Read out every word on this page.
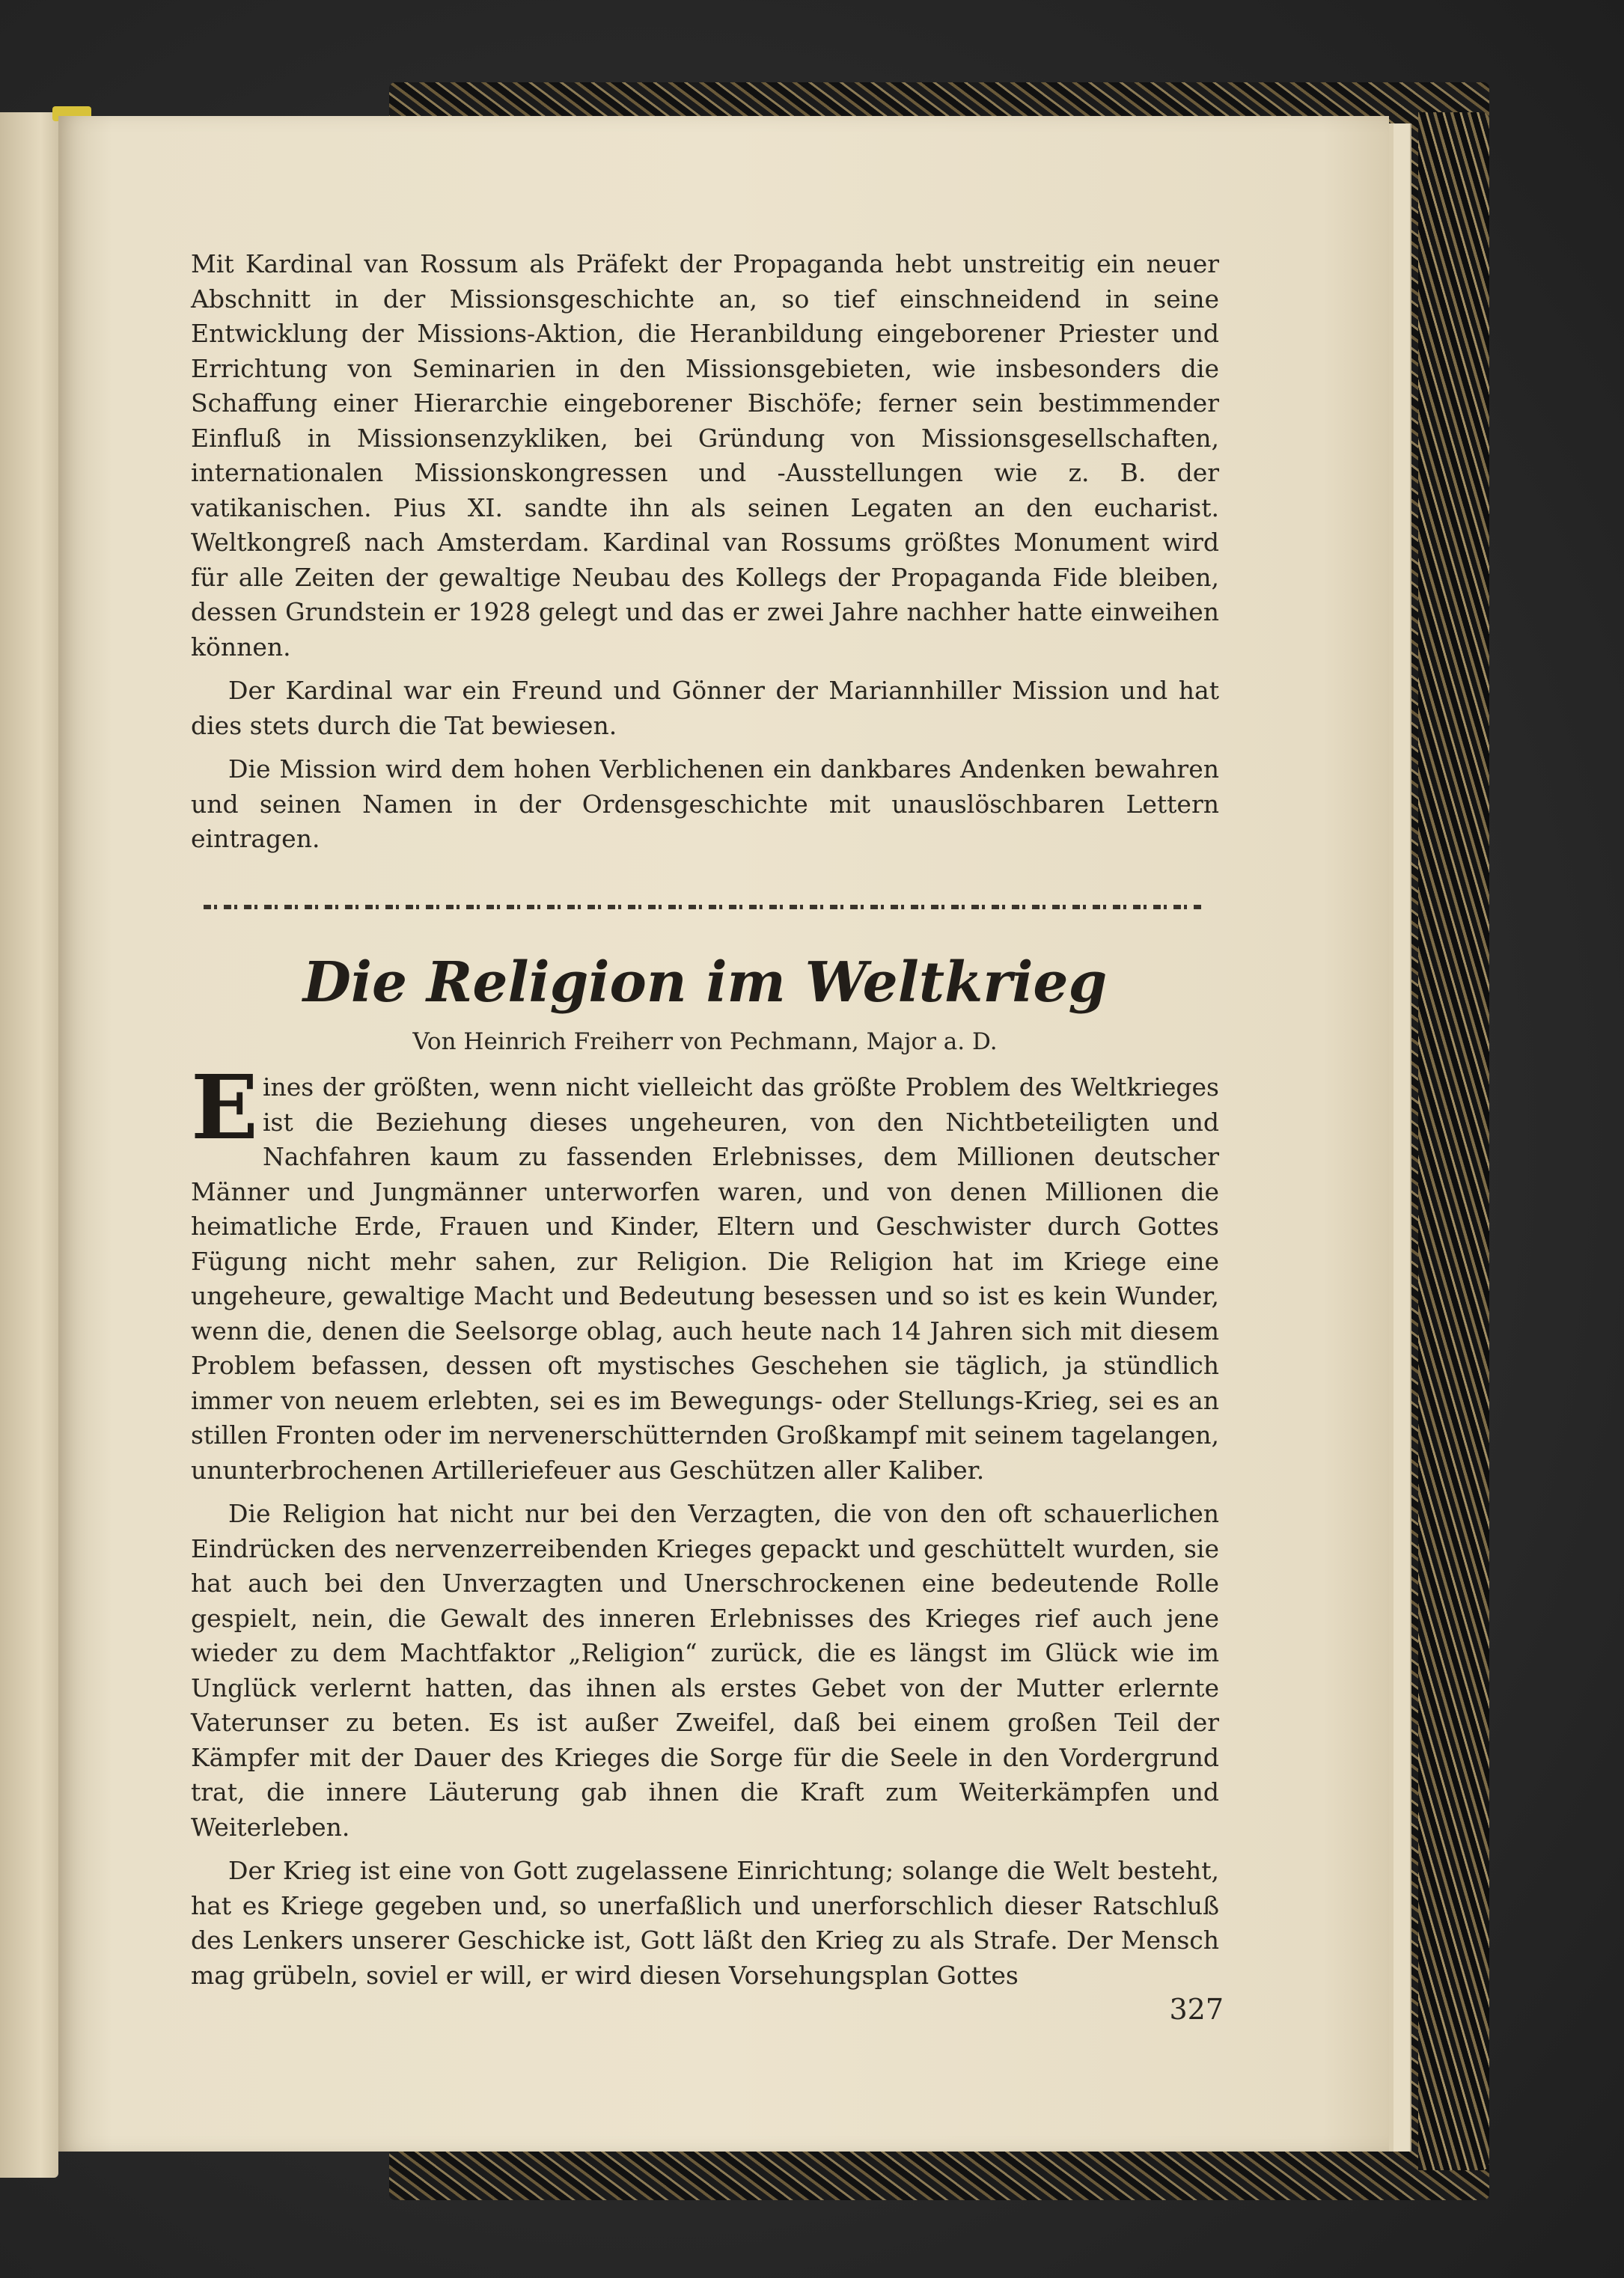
Mit Kardinal van Rossum als Präfekt der Propaganda hebt unstreitig ein neuer Abschnitt in der Missionsgeschichte an, so tief einschneidend in seine Entwicklung der Missions-Aktion, die Heranbildung eingeborener Priester und Errichtung von Seminarien in den Missionsgebieten, wie insbesonders die Schaffung einer Hierarchie eingeborener Bischöfe; ferner sein bestimmender Einfluß in Missionsenzykliken, bei Gründung von Missionsgesellschaften, internationalen Missionskongressen und -Ausstellungen wie z. B. der vatikanischen. Pius XI. sandte ihn als seinen Legaten an den eucharist. Weltkongreß nach Amsterdam. Kardinal van Rossums größtes Monument wird für alle Zeiten der gewaltige Neubau des Kollegs der Propaganda Fide bleiben, dessen Grundstein er 1928 gelegt und das er zwei Jahre nachher hatte einweihen können.

Der Kardinal war ein Freund und Gönner der Mariannhiller Mission und hat dies stets durch die Tat bewiesen.

Die Mission wird dem hohen Verblichenen ein dankbares Andenken bewahren und seinen Namen in der Ordensgeschichte mit unauslöschbaren Lettern eintragen.

Die Religion im Weltkrieg

Von Heinrich Freiherr von Pechmann, Major a. D.

Eines der größten, wenn nicht vielleicht das größte Problem des Weltkrieges ist die Beziehung dieses ungeheuren, von den Nichtbeteiligten und Nachfahren kaum zu fassenden Erlebnisses, dem Millionen deutscher Männer und Jungmänner unterworfen waren, und von denen Millionen die heimatliche Erde, Frauen und Kinder, Eltern und Geschwister durch Gottes Fügung nicht mehr sahen, zur Religion. Die Religion hat im Kriege eine ungeheure, gewaltige Macht und Bedeutung besessen und so ist es kein Wunder, wenn die, denen die Seelsorge oblag, auch heute nach 14 Jahren sich mit diesem Problem befassen, dessen oft mystisches Geschehen sie täglich, ja stündlich immer von neuem erlebten, sei es im Bewegungs- oder Stellungs-Krieg, sei es an stillen Fronten oder im nervenerschütternden Großkampf mit seinem tagelangen, ununterbrochenen Artilleriefeuer aus Geschützen aller Kaliber.

Die Religion hat nicht nur bei den Verzagten, die von den oft schauerlichen Eindrücken des nervenzerreibenden Krieges gepackt und geschüttelt wurden, sie hat auch bei den Unverzagten und Unerschrockenen eine bedeutende Rolle gespielt, nein, die Gewalt des inneren Erlebnisses des Krieges rief auch jene wieder zu dem Machtfaktor „Religion“ zurück, die es längst im Glück wie im Unglück verlernt hatten, das ihnen als erstes Gebet von der Mutter erlernte Vaterunser zu beten. Es ist außer Zweifel, daß bei einem großen Teil der Kämpfer mit der Dauer des Krieges die Sorge für die Seele in den Vordergrund trat, die innere Läuterung gab ihnen die Kraft zum Weiterkämpfen und Weiterleben.

Der Krieg ist eine von Gott zugelassene Einrichtung; solange die Welt besteht, hat es Kriege gegeben und, so unerfaßlich und unerforschlich dieser Ratschluß des Lenkers unserer Geschicke ist, Gott läßt den Krieg zu als Strafe. Der Mensch mag grübeln, soviel er will, er wird diesen Vorsehungsplan Gottes

327
